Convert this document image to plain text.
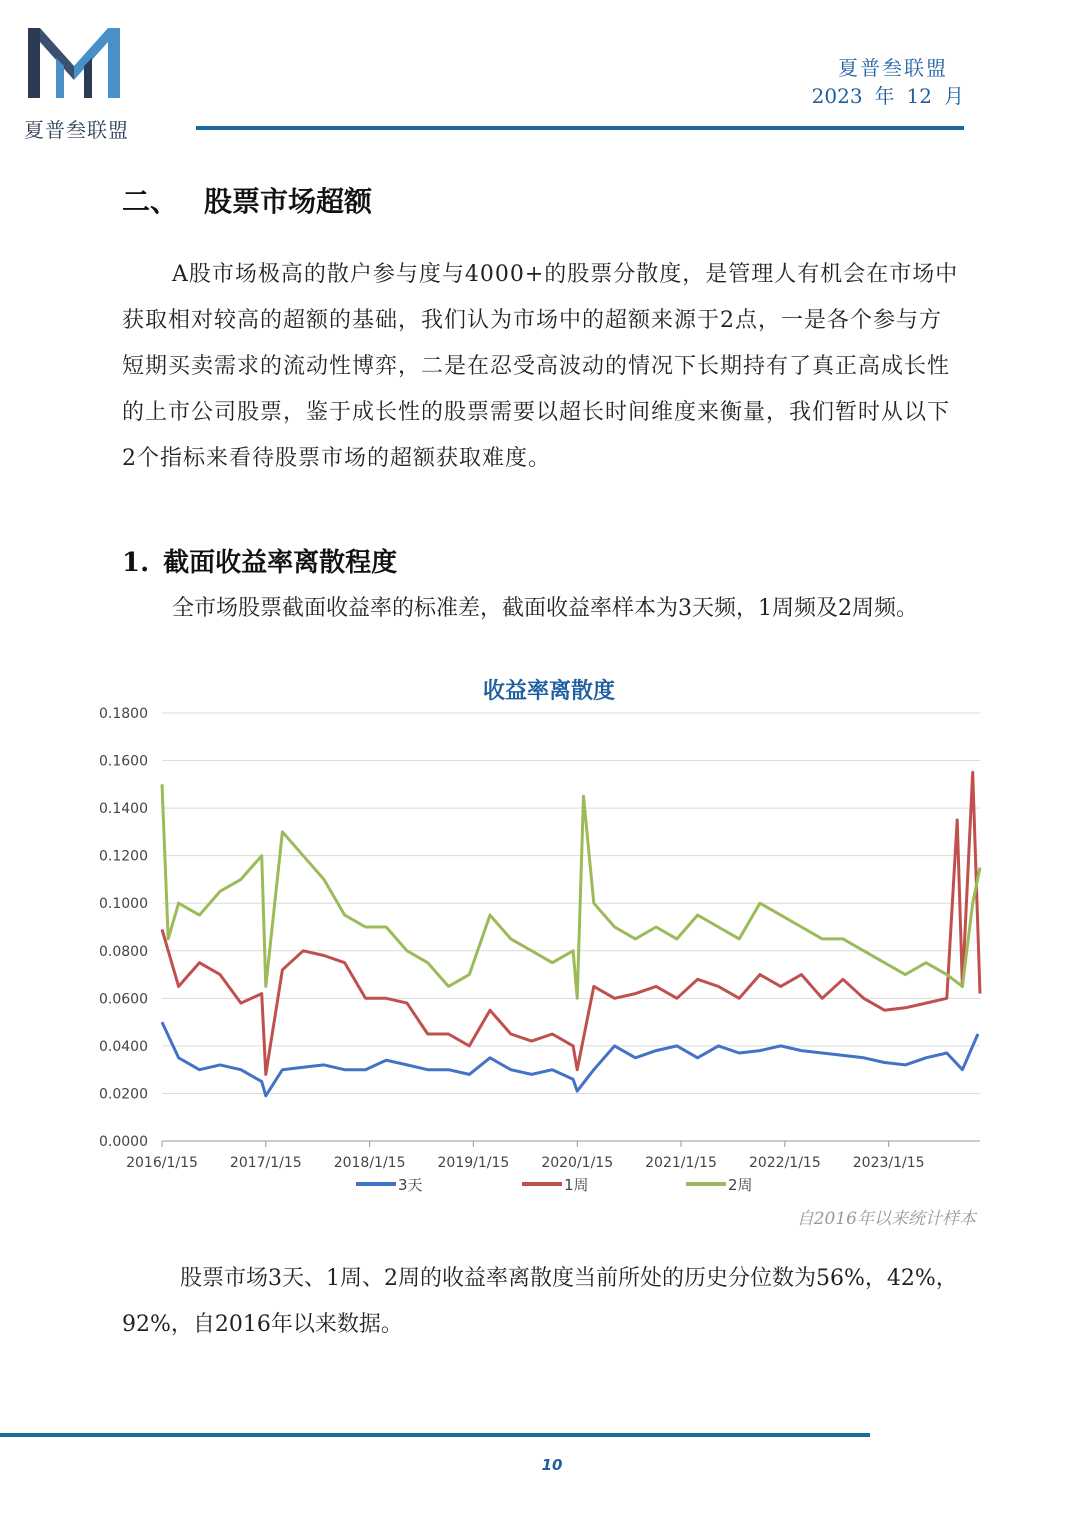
夏普叁联盟
夏普叁联盟
2023 年 12 月
二、 股票市场超额
A股市场极高的散户参与度与4000+的股票分散度，是管理人有机会在市场中获取相对较高的超额的基础，我们认为市场中的超额来源于2点，一是各个参与方短期买卖需求的流动性博弈，二是在忍受高波动的情况下长期持有了真正高成长性的上市公司股票，鉴于成长性的股票需要以超长时间维度来衡量，我们暂时从以下2个指标来看待股票市场的超额获取难度。
1. 截面收益率离散程度
全市场股票截面收益率的标准差，截面收益率样本为3天频，1周频及2周频。
收益率离散度
0.0000
0.0200
0.0400
0.0600
0.0800
0.1000
0.1200
0.1400
0.1600
0.1800
2016/1/15 2017/1/15 2018/1/15 2019/1/15 2020/1/15 2021/1/15 2022/1/15 2023/1/15
3天	1周	2周
自2016年以来统计样本
股票市场3天、1周、2周的收益率离散度当前所处的历史分位数为56%，42%，92%，自2016年以来数据。
10
